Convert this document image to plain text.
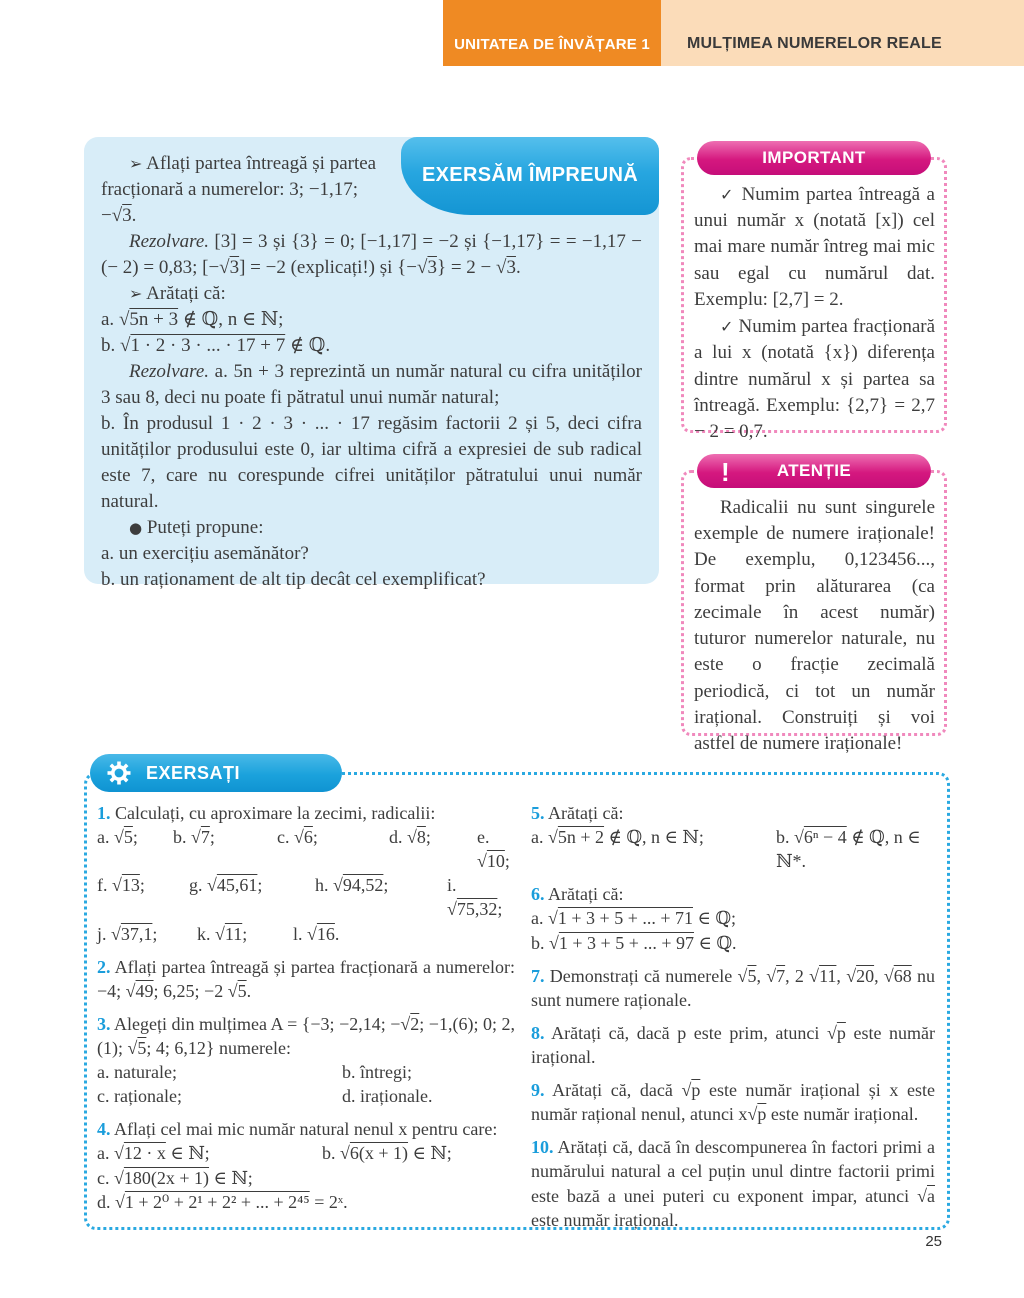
UNITATEA DE ÎNVĂȚARE 1 MULȚIMEA NUMERELOR REALE
EXERSĂM ÎMPREUNĂ

➢ Aflați partea întreagă și partea fracționară a numerelor: 3; −1,17; −√3.

Rezolvare. [3] = 3 și {3} = 0; [−1,17] = −2 și {−1,17} = = −1,17 − (− 2) = 0,83; [−√3] = −2 (explicați!) și {−√3} = 2 − √3.

➢ Arătați că:

a. √5n + 3 ∉ ℚ, n ∈ ℕ;

b. √1 · 2 · 3 · ... · 17 + 7 ∉ ℚ.

Rezolvare. a. 5n + 3 reprezintă un număr natural cu cifra unităților 3 sau 8, deci nu poate fi pătratul unui număr natural;

b. În produsul 1 · 2 · 3 · ... · 17 regăsim factorii 2 și 5, deci cifra unităților produsului este 0, iar ultima cifră a expresiei de sub radical este 7, care nu corespunde cifrei unităților pătratului unui număr natural.

● Puteți propune:

a. un exercițiu asemănător?

b. un raționament de alt tip decât cel exemplificat?

IMPORTANT

✓ Numim partea întreagă a unui număr x (notată [x]) cel mai mare număr întreg mai mic sau egal cu numărul dat. Exemplu: [2,7] = 2.

✓ Numim partea fracționară a lui x (notată {x}) diferența dintre numărul x și partea sa întreagă. Exemplu: {2,7} = 2,7 − 2 = 0,7.

!	ATENȚIE

Radicalii nu sunt singurele exemple de numere iraționale! De exemplu, 0,123456..., format prin alăturarea (ca zecimale în acest număr) tuturor numerelor naturale, nu este o fracție zecimală periodică, ci tot un număr irațional. Construiți și voi astfel de numere iraționale!

EXERSAȚI

1. Calculați, cu aproximare la zecimi, radicalii:

a. √5;	b. √7;	c. √6;	d. √8;	e. √10;
f. √13;	g. √45,61;	h. √94,52;	i. √75,32;
j. √37,1;	k. √11;	l. √16.

2. Aflați partea întreagă și partea fracționară a numerelor: −4; √49; 6,25; −2 √5.

3. Alegeți din mulțimea A = {−3; −2,14; −√2; −1,(6); 0; 2,(1); √5; 4; 6,12} numerele:

a. naturale;	b. întregi;
c. raționale;	d. iraționale.

4. Aflați cel mai mic număr natural nenul x pentru care:

a. √12 · x ∈ ℕ;	b. √6(x + 1) ∈ ℕ;
c. √180(2x + 1) ∈ ℕ;
d. √1 + 2⁰ + 2¹ + 2² + ... + 2⁴⁵ = 2ˣ.

5. Arătați că:

a. √5n + 2 ∉ ℚ, n ∈ ℕ;	b. √6ⁿ − 4 ∉ ℚ, n ∈ ℕ*.

6. Arătați că:

a. √1 + 3 + 5 + ... + 71 ∈ ℚ;
b. √1 + 3 + 5 + ... + 97 ∈ ℚ.

7. Demonstrați că numerele √5, √7, 2 √11, √20, √68 nu sunt numere raționale.

8. Arătați că, dacă p este prim, atunci √p este număr irațional.

9. Arătați că, dacă √p este număr irațional și x este număr rațional nenul, atunci x√p este număr irațional.

10. Arătați că, dacă în descompunerea în factori primi a numărului natural a cel puțin unul dintre factorii primi este bază a unei puteri cu exponent impar, atunci √a este număr irațional.

25
